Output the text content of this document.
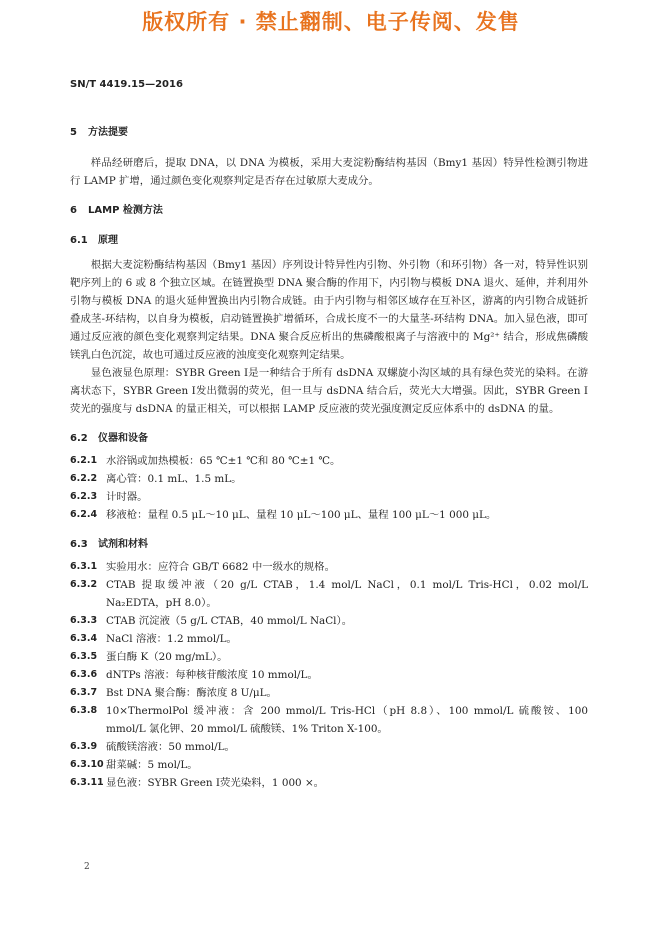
版权所有 · 禁止翻制、电子传阅、发售
SN/T 4419.15—2016

5 方法提要

样品经研磨后，提取 DNA，以 DNA 为模板，采用大麦淀粉酶结构基因（Bmy1 基因）特异性检测引物进行 LAMP 扩增，通过颜色变化观察判定是否存在过敏原大麦成分。

6 LAMP 检测方法

6.1 原理

根据大麦淀粉酶结构基因（Bmy1 基因）序列设计特异性内引物、外引物（和环引物）各一对，特异性识别靶序列上的 6 或 8 个独立区域。在链置换型 DNA 聚合酶的作用下，内引物与模板 DNA 退火、延伸，并利用外引物与模板 DNA 的退火延伸置换出内引物合成链。由于内引物与相邻区域存在互补区，游离的内引物合成链折叠成茎-环结构，以自身为模板，启动链置换扩增循环，合成长度不一的大量茎-环结构 DNA。加入显色液，即可通过反应液的颜色变化观察判定结果。DNA 聚合反应析出的焦磷酸根离子与溶液中的 Mg²⁺ 结合，形成焦磷酸镁乳白色沉淀，故也可通过反应液的浊度变化观察判定结果。

显色液显色原理：SYBR Green Ⅰ是一种结合于所有 dsDNA 双螺旋小沟区域的具有绿色荧光的染料。在游离状态下，SYBR Green Ⅰ发出微弱的荧光，但一旦与 dsDNA 结合后，荧光大大增强。因此，SYBR Green Ⅰ荧光的强度与 dsDNA 的量正相关，可以根据 LAMP 反应液的荧光强度测定反应体系中的 dsDNA 的量。

6.2 仪器和设备

6.2.1 水浴锅或加热模板：65 ℃±1 ℃和 80 ℃±1 ℃。

6.2.2 离心管：0.1 mL、1.5 mL。

6.2.3 计时器。

6.2.4 移液枪：量程 0.5 μL～10 μL、量程 10 μL～100 μL、量程 100 μL～1 000 μL。

6.3 试剂和材料

6.3.1 实验用水：应符合 GB/T 6682 中一级水的规格。

6.3.2 CTAB 提取缓冲液（20 g/L CTAB，1.4 mol/L NaCl，0.1 mol/L Tris-HCl，0.02 mol/L Na₂EDTA，pH 8.0）。

6.3.3 CTAB 沉淀液（5 g/L CTAB，40 mmol/L NaCl）。

6.3.4 NaCl 溶液：1.2 mmol/L。

6.3.5 蛋白酶 K（20 mg/mL）。

6.3.6 dNTPs 溶液：每种核苷酸浓度 10 mmol/L。

6.3.7 Bst DNA 聚合酶：酶浓度 8 U/μL。

6.3.8 10×ThermolPol 缓冲液：含 200 mmol/L Tris-HCl（pH 8.8）、100 mmol/L 硫酸铵、100 mmol/L 氯化钾、20 mmol/L 硫酸镁、1% Triton X-100。

6.3.9 硫酸镁溶液：50 mmol/L。

6.3.10 甜菜碱：5 mol/L。

6.3.11 显色液：SYBR Green Ⅰ荧光染料，1 000 ×。

2
